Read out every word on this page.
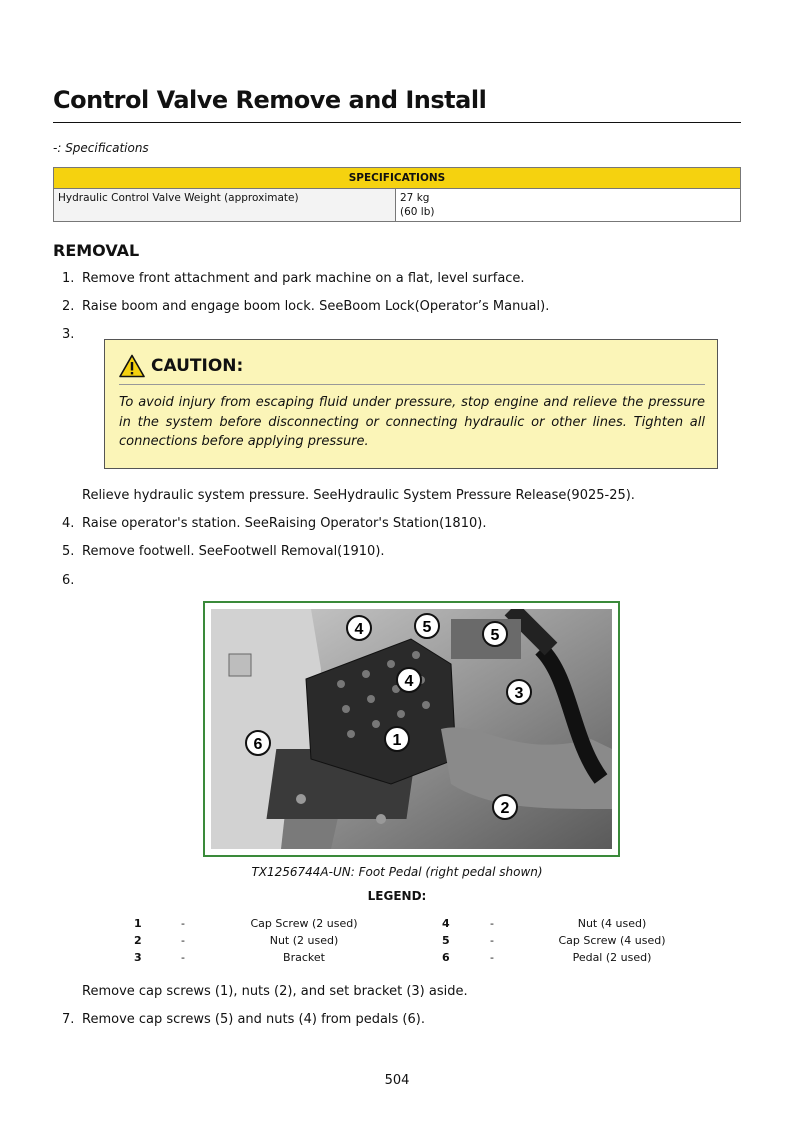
Control Valve Remove and Install
-: Specifications
SPECIFICATIONS
Hydraulic Control Valve Weight (approximate)	27 kg
(60 lb)
REMOVAL
1. Remove front attachment and park machine on a flat, level surface.
2. Raise boom and engage boom lock. SeeBoom Lock(Operator’s Manual).
3.
CAUTION:
To avoid injury from escaping fluid under pressure, stop engine and relieve the pressure in the system before disconnecting or connecting hydraulic or other lines. Tighten all connections before applying pressure.
Relieve hydraulic system pressure. SeeHydraulic System Pressure Release(9025-25).
4. Raise operator's station. SeeRaising Operator's Station(1810).
5. Remove footwell. SeeFootwell Removal(1910).
6.
1
2
3
4
5
6
4	5
TX1256744A-UN: Foot Pedal (right pedal shown)
LEGEND:
1	-	Cap Screw (2 used)
2	-	Nut (2 used)
3	-	Bracket
4	-	Nut (4 used)
5	-	Cap Screw (4 used)
6	-	Pedal (2 used)
Remove cap screws (1), nuts (2), and set bracket (3) aside.
7. Remove cap screws (5) and nuts (4) from pedals (6).
504
